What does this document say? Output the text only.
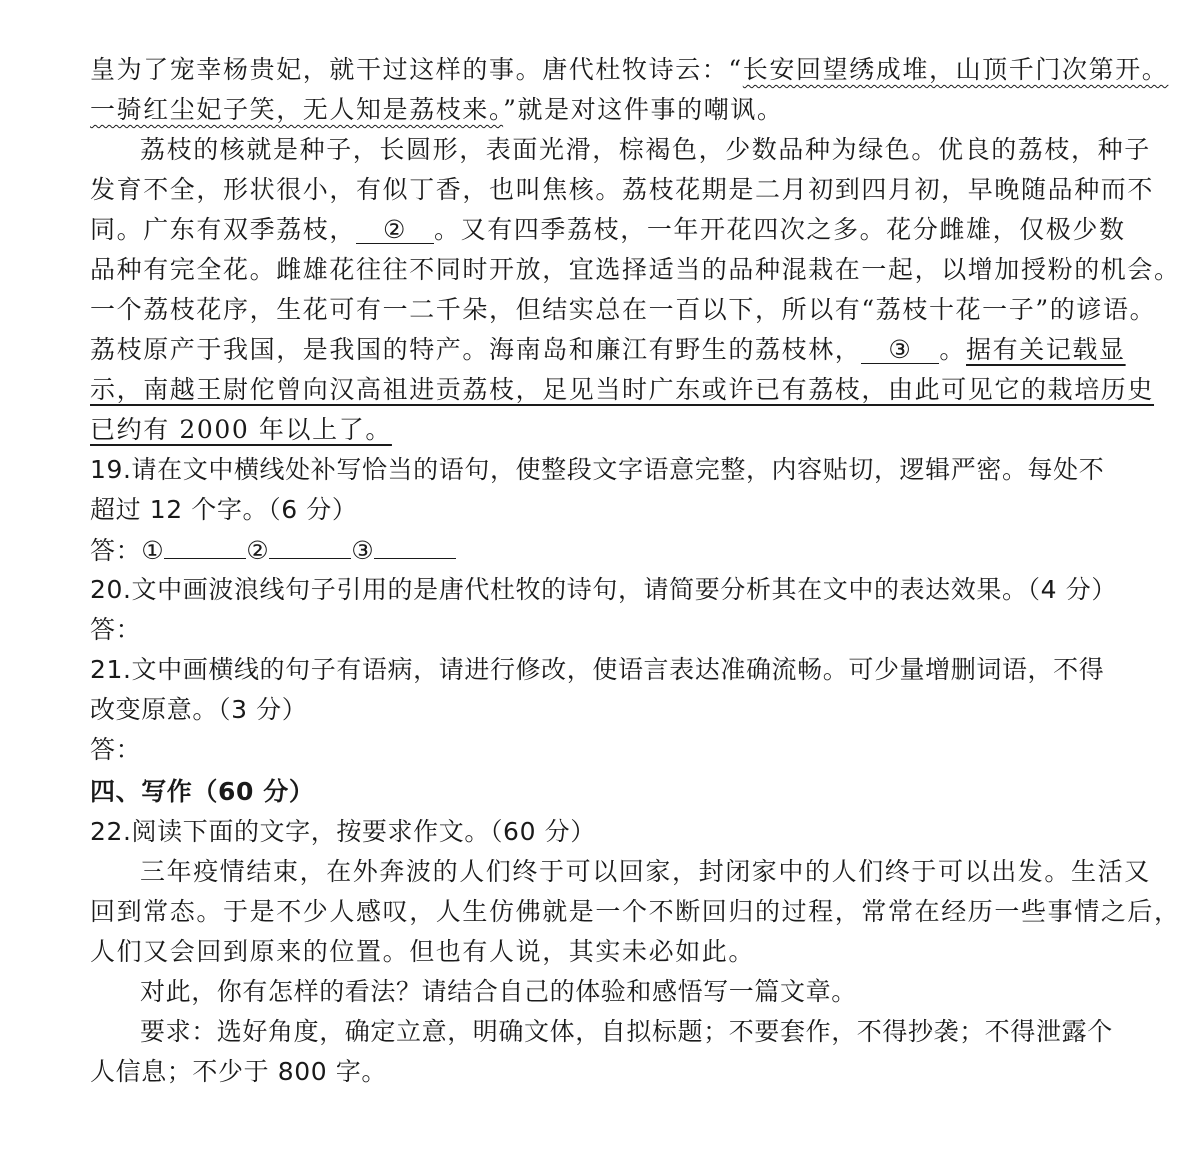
皇为了宠幸杨贵妃，就干过这样的事。唐代杜牧诗云：“长安回望绣成堆，山顶千门次第开。
一骑红尘妃子笑，无人知是荔枝来。”就是对这件事的嘲讽。
荔枝的核就是种子，长圆形，表面光滑，棕褐色，少数品种为绿色。优良的荔枝，种子
发育不全，形状很小，有似丁香，也叫焦核。荔枝花期是二月初到四月初，早晚随品种而不
同。广东有双季荔枝， ② 。又有四季荔枝，一年开花四次之多。花分雌雄，仅极少数
品种有完全花。雌雄花往往不同时开放，宜选择适当的品种混栽在一起，以增加授粉的机会。
一个荔枝花序，生花可有一二千朵，但结实总在一百以下，所以有“荔枝十花一子”的谚语。
荔枝原产于我国，是我国的特产。海南岛和廉江有野生的荔枝林， ③ 。据有关记载显
示，南越王尉佗曾向汉高祖进贡荔枝，足见当时广东或许已有荔枝，由此可见它的栽培历史
已约有 2000 年以上了。
19.请在文中横线处补写恰当的语句，使整段文字语意完整，内容贴切，逻辑严密。每处不
超过 12 个字。（6 分）
答：①	②	③
20.文中画波浪线句子引用的是唐代杜牧的诗句，请简要分析其在文中的表达效果。（4 分）
答：
21.文中画横线的句子有语病，请进行修改，使语言表达准确流畅。可少量增删词语，不得
改变原意。（3 分）
答：
四、写作（60 分）
22.阅读下面的文字，按要求作文。（60 分）
三年疫情结束，在外奔波的人们终于可以回家，封闭家中的人们终于可以出发。生活又
回到常态。于是不少人感叹，人生仿佛就是一个不断回归的过程，常常在经历一些事情之后，
人们又会回到原来的位置。但也有人说，其实未必如此。
对此，你有怎样的看法？请结合自己的体验和感悟写一篇文章。
要求：选好角度，确定立意，明确文体，自拟标题；不要套作，不得抄袭；不得泄露个
人信息；不少于 800 字。
